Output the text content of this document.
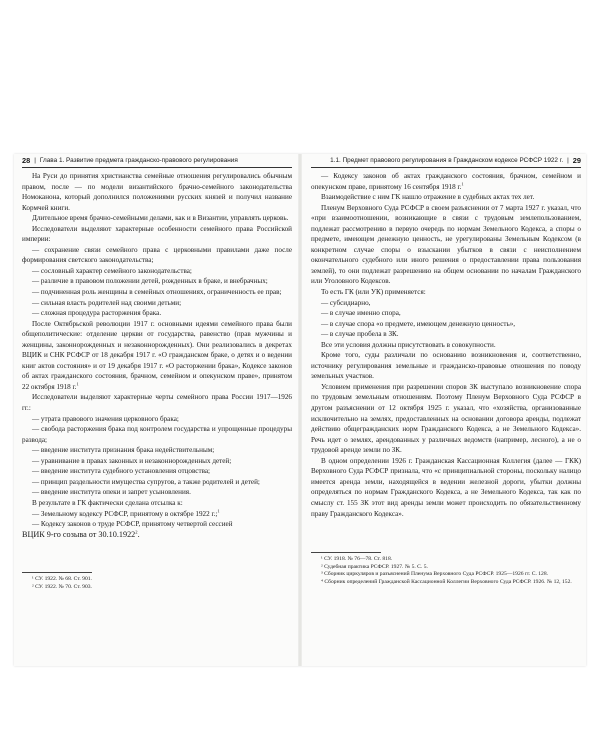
28 | Глава 1. Развитие предмета гражданско-правового регулирования

На Руси до принятия христианства семейные отношения регулировались обычным правом, после — по модели византийского брачно-семейного законодательства Номоканона, который дополнился положениями русских князей и получил название Кормчей книги.

Длительное время брачно-семейными делами, как и в Византии, управлять церковь.

Исследователи выделяют характерные особенности семейного права Российской империи:

— сохранение связи семейного права с церковными правилами даже после формирования светского законодательства;

— сословный характер семейного законодательства;

— различие в правовом положении детей, рожденных в браке, и внебрачных;

— подчиненная роль женщины в семейных отношениях, ограниченность ее прав;

— сильная власть родителей над своими детьми;

— сложная процедура расторжения брака.

После Октябрьской революции 1917 г. основными идеями семейного права были общеполитические: отделение церкви от государства, равенство (прав мужчины и женщины, законнорожденных и незаконнорожденных). Они реализовались в декретах ВЦИК и СНК РСФСР от 18 декабря 1917 г. «О гражданском браке, о детях и о ведении книг актов состояния» и от 19 декабря 1917 г. «О расторжении брака», Кодексе законов об актах гражданского состояния, брачном, семейном и опекунском праве», принятом 22 октября 1918 г.$^1$

Исследователи выделяют характерные черты семейного права России 1917—1926 гг.:

— утрата правового значения церковного брака;

— свобода расторжения брака под контролем государства и упрощенные процедуры развода;

— введение института признания брака недействительным;

— уравнивание в правах законных и незаконнорожденных детей;

— введение института судебного установления отцовства;

— принцип раздельности имущества супругов, а также родителей и детей;

— введение института опеки и запрет усыновления.

В результате в ГК фактически сделана отсылка к:

— Земельному кодексу РСФСР, принятому в октябре 1922 г.;$^1$

— Кодексу законов о труде РСФСР, принятому четвертой сессией

ВЦИК 9-го созыва от 30.10.1922$^2$.

¹ СУ. 1922. № 68. Ст. 901.

² СУ. 1922. № 70. Ст. 903.

1.1. Предмет правового регулирования в Гражданском кодексе РСФСР 1922 г. | 29

— Кодексу законов об актах гражданского состояния, брачном, семейном и опекунском праве, принятому 16 сентября 1918 г.$^1$

Взаимодействие с ним ГК нашло отражение в судебных актах тех лет.

Пленум Верховного Суда РСФСР в своем разъяснении от 7 марта 1927 г. указал, что «при взаимоотношении, возникающие в связи с трудовым землепользованием, подлежат рассмотрению в первую очередь по нормам Земельного Кодекса, а споры о предмете, имеющем денежную ценность, не урегулированы Земельным Кодексом (в конкретном случае споры о взыскании убытков в связи с неисполнением окончательного судебного или иного решения о предоставлении права пользования землей), то они подлежат разрешению на общем основании по началам Гражданского или Уголовного Кодексов.

То есть ГК (или УК) применяется:

— субсидиарно,

— в случае именно спора,

— в случае спора «о предмете, имеющем денежную ценность»,

— в случае пробела в ЗК.

Все эти условия должны присутствовать в совокупности.

Кроме того, суды различали по основанию возникновения и, соответственно, источнику регулирования земельные и гражданско-правовые отношения по поводу земельных участков.

Условием применения при разрешении споров ЗК выступало возникновение спора по трудовым земельным отношениям. Поэтому Пленум Верховного Суда РСФСР в другом разъяснении от 12 октября 1925 г. указал, что «хозяйства, организованные исключительно на землях, предоставленных на основании договора аренды, подлежат действию общегражданских норм Гражданского Кодекса, а не Земельного Кодекса». Речь идет о землях, арендованных у различных ведомств (например, лесного), а не о трудовой аренде земли по ЗК.

В одном определении 1926 г. Гражданская Кассационная Коллегия (далее — ГКК) Верховного Суда РСФСР признала, что «с принципиальной стороны, поскольку налицо имеется аренда земли, находящейся в ведении железной дороги, убытки должны определяться по нормам Гражданского Кодекса, а не Земельного Кодекса, так как по смыслу ст. 155 ЗК этот вид аренды земли может происходить по обязательственному праву Гражданского Кодекса».

¹ СУ. 1918. № 76—78. Ст. 818.

² Судебная практика РСФСР. 1927. № 5. С. 5.

³ Сборник циркуляров и разъяснений Пленума Верховного Суда РСФСР. 1925—1926 гг. С. 128.

⁴ Сборник определений Гражданской Кассационной Коллегии Верховного Суда РСФСР. 1926. № 12, 152.
